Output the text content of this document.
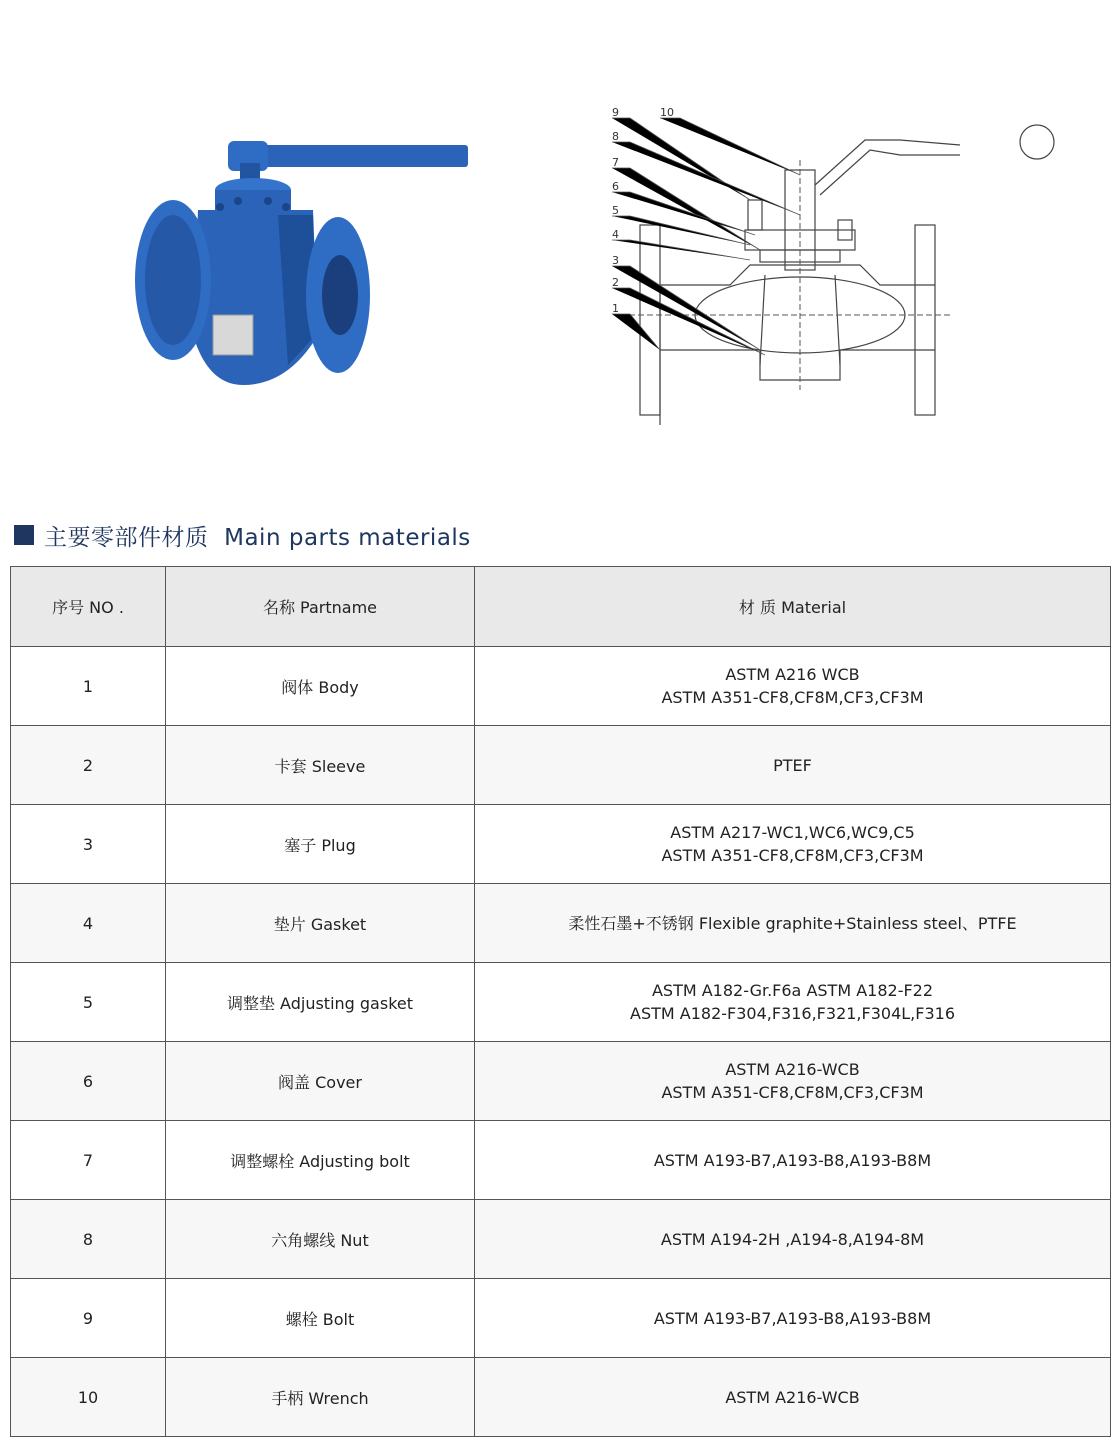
9	10
8
7
6
5
4
3
2
1
主要零部件材质  Main parts materials
序号 NO .	名称 Partname	材 质 Material
1	阀体 Body	ASTM A216 WCB
ASTM A351-CF8,CF8M,CF3,CF3M

2	卡套 Sleeve	PTEF

3	塞子 Plug	ASTM A217-WC1,WC6,WC9,C5
ASTM A351-CF8,CF8M,CF3,CF3M

4	垫片 Gasket	柔性石墨+不锈钢 Flexible graphite+Stainless steel、PTFE

5	调整垫 Adjusting gasket	ASTM A182-Gr.F6a ASTM A182-F22
ASTM A182-F304,F316,F321,F304L,F316

6	阀盖 Cover	ASTM A216-WCB
ASTM A351-CF8,CF8M,CF3,CF3M

7	调整螺栓 Adjusting bolt	ASTM A193-B7,A193-B8,A193-B8M

8	六角螺线 Nut	ASTM A194-2H ,A194-8,A194-8M

9	螺栓 Bolt	ASTM A193-B7,A193-B8,A193-B8M

10	手柄 Wrench	ASTM A216-WCB
